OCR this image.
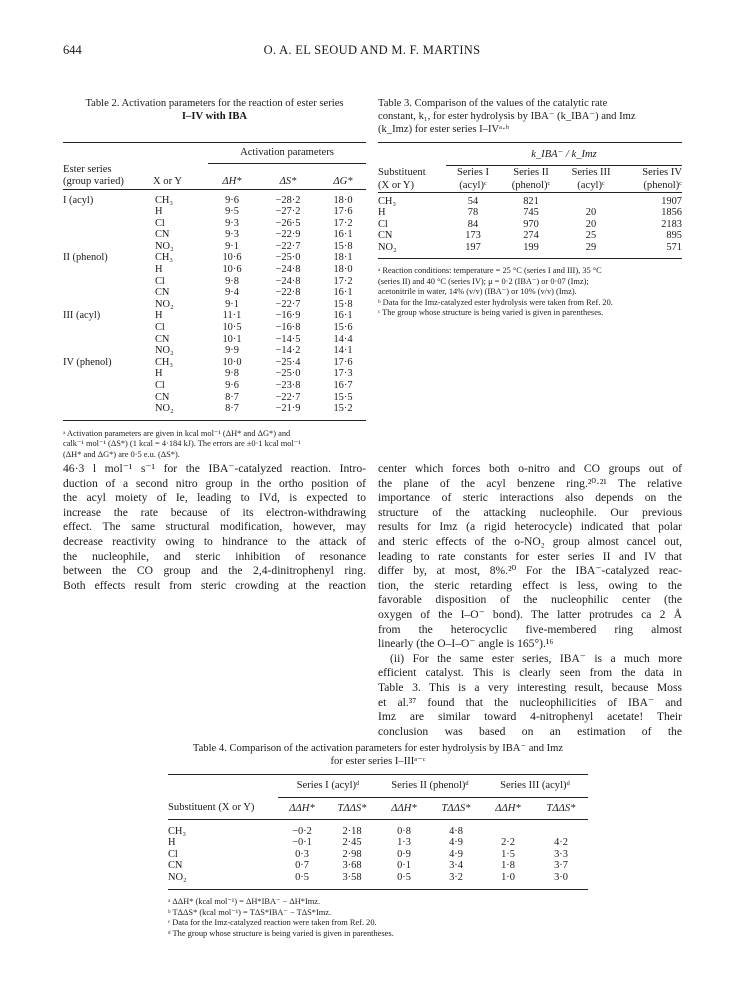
644	O. A. EL SEOUD AND M. F. MARTINS
Table 2. Activation parameters for the reaction of ester series
I–IV with IBA
		Activation parameters		
Ester series				
(group varied)	X or Y	ΔH*	ΔS*	ΔG*

I (acyl)	CH₃	9·6	−28·2	18·0
	H	9·5	−27·2	17·6
	Cl	9·3	−26·5	17·2
	CN	9·3	−22·9	16·1
	NO₂	9·1	−22·7	15·8
II (phenol)	CH₃	10·6	−25·0	18·1
	H	10·6	−24·8	18·0
	Cl	9·8	−24·8	17·2
	CN	9·4	−22·8	16·1
	NO₂	9·1	−22·7	15·8
III (acyl)	H	11·1	−16·9	16·1
	Cl	10·5	−16·8	15·6
	CN	10·1	−14·5	14·4
	NO₂	9·9	−14·2	14·1
IV (phenol)	CH₃	10·0	−25·4	17·6
	H	9·8	−25·0	17·3
	Cl	9·6	−23·8	16·7
	CN	8·7	−22·7	15·5
	NO₂	8·7	−21·9	15·2

ᵃ Activation parameters are given in kcal mol⁻¹ (ΔH* and ΔG*) and
calk⁻¹ mol⁻¹ (ΔS*) (1 kcal = 4·184 kJ). The errors are ±0·1 kcal mol⁻¹
(ΔH* and ΔG*) are 0·5 e.u. (ΔS*).
Table 3. Comparison of the values of the catalytic rate
constant, k₁, for ester hydrolysis by IBA⁻ (k_IBA⁻) and Imz
(k_Imz) for ester series I–IVᵃ·ᵇ
	k_IBA⁻ / k_Imz			
Substituent	Series I	Series II	Series III	Series IV
(X or Y)	(acyl)ᶜ	(phenol)ᶜ	(acyl)ᶜ	(phenol)ᶜ

CH₃	54	821		1907
H	78	745	20	1856
Cl	84	970	20	2183
CN	173	274	25	895
NO₂	197	199	29	571

ᵃ Reaction conditions: temperature = 25 °C (series I and III), 35 °C
(series II) and 40 °C (series IV); μ = 0·2 (IBA⁻) or 0·07 (Imz);
acetonitrile in water, 14% (v/v) (IBA⁻) or 10% (v/v) (Imz).
ᵇ Data for the Imz-catalyzed ester hydrolysis were taken from Ref. 20.
ᶜ The group whose structure is being varied is given in parentheses.
46·3 l mol⁻¹ s⁻¹ for the IBA⁻-catalyzed reaction. Intro-
duction of a second nitro group in the ortho position of
the acyl moiety of Ie, leading to IVd, is expected to
increase the rate because of its electron-withdrawing
effect. The same structural modification, however, may
decrease reactivity owing to hindrance to the attack of
the nucleophile, and steric inhibition of resonance
between the CO group and the 2,4-dinitrophenyl ring.
Both effects result from steric crowding at the reaction
center which forces both o-nitro and CO groups out of
the plane of the acyl benzene ring.²⁰·²¹ The relative
importance of steric interactions also depends on the
structure of the attacking nucleophile. Our previous
results for Imz (a rigid heterocycle) indicated that polar
and steric effects of the o-NO₂ group almost cancel out,
leading to rate constants for ester series II and IV that
differ by, at most, 8%.²⁰ For the IBA⁻-catalyzed reac-
tion, the steric retarding effect is less, owing to the
favorable disposition of the nucleophilic center (the
oxygen of the I–O⁻ bond). The latter protrudes ca 2 Å
from the heterocyclic five-membered ring almost
linearly (the O–I–O⁻ angle is 165°).¹⁶
(ii) For the same ester series, IBA⁻ is a much more
efficient catalyst. This is clearly seen from the data in
Table 3. This is a very interesting result, because Moss
et al.³⁷ found that the nucleophilicities of IBA⁻ and
Imz are similar toward 4-nitrophenyl acetate! Their
conclusion was based on an estimation of the
Table 4. Comparison of the activation parameters for ester hydrolysis by IBA⁻ and Imz
for ester series I–IIIᵃ⁻ᶜ
	Series I (acyl)ᵈ		Series II (phenol)ᵈ		Series III (acyl)ᵈ	
Substituent (X or Y)	ΔΔH*	TΔΔS*	ΔΔH*	TΔΔS*	ΔΔH*	TΔΔS*

CH₃	−0·2	2·18	0·8	4·8		
H	−0·1	2·45	1·3	4·9	2·2	4·2
Cl	0·3	2·98	0·9	4·9	1·5	3·3
CN	0·7	3·68	0·1	3·4	1·8	3·7
NO₂	0·5	3·58	0·5	3·2	1·0	3·0

ᵃ ΔΔH* (kcal mol⁻¹) = ΔH*IBA⁻ − ΔH*Imz.
ᵇ TΔΔS* (kcal mol⁻¹) = TΔS*IBA⁻ − TΔS*Imz.
ᶜ Data for the Imz-catalyzed reaction were taken from Ref. 20.
ᵈ The group whose structure is being varied is given in parentheses.
